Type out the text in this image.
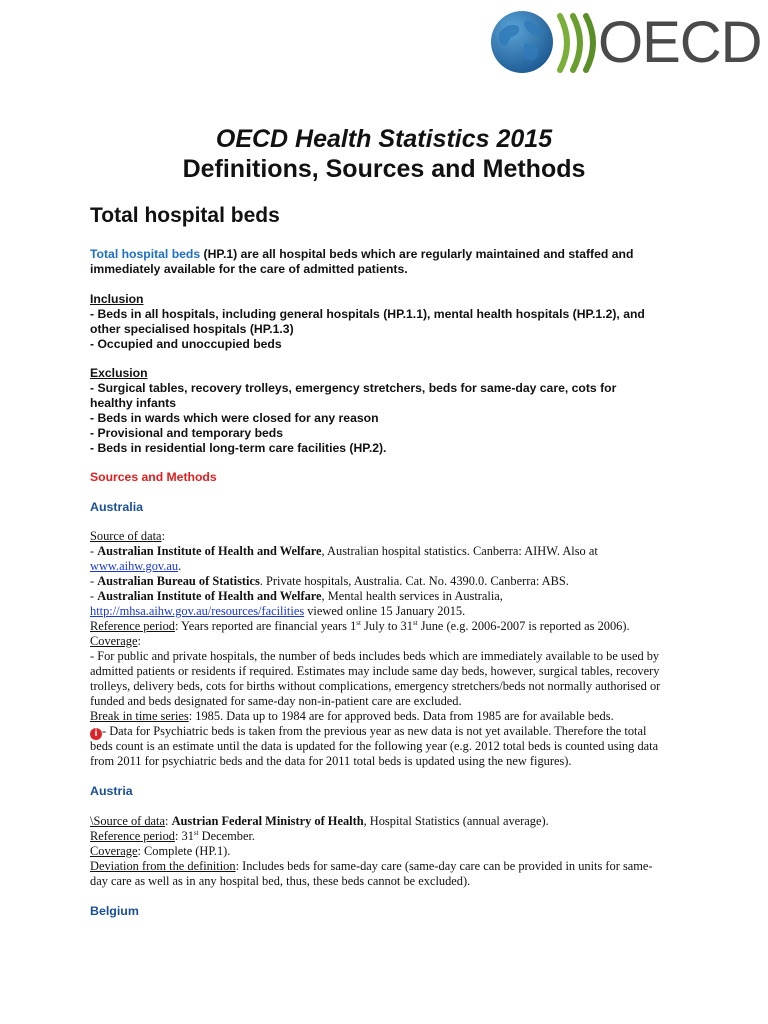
OECD
OECD Health Statistics 2015
Definitions, Sources and Methods
Total hospital beds
Total hospital beds (HP.1) are all hospital beds which are regularly maintained and staffed and
immediately available for the care of admitted patients.
Inclusion
- Beds in all hospitals, including general hospitals (HP.1.1), mental health hospitals (HP.1.2), and
other specialised hospitals (HP.1.3)
- Occupied and unoccupied beds
Exclusion
- Surgical tables, recovery trolleys, emergency stretchers, beds for same-day care, cots for
healthy infants
- Beds in wards which were closed for any reason
- Provisional and temporary beds
- Beds in residential long-term care facilities (HP.2).
Sources and Methods
Australia
Source of data:
- Australian Institute of Health and Welfare, Australian hospital statistics. Canberra: AIHW. Also at
www.aihw.gov.au.
- Australian Bureau of Statistics. Private hospitals, Australia. Cat. No. 4390.0. Canberra: ABS.
- Australian Institute of Health and Welfare, Mental health services in Australia,
http://mhsa.aihw.gov.au/resources/facilities viewed online 15 January 2015.
Reference period: Years reported are financial years 1st July to 31st June (e.g. 2006-2007 is reported as 2006).
Coverage:
- For public and private hospitals, the number of beds includes beds which are immediately available to be used by
admitted patients or residents if required. Estimates may include same day beds, however, surgical tables, recovery
trolleys, delivery beds, cots for births without complications, emergency stretchers/beds not normally authorised or
funded and beds designated for same-day non-in-patient care are excluded.
Break in time series: 1985. Data up to 1984 are for approved beds. Data from 1985 are for available beds.
i - Data for Psychiatric beds is taken from the previous year as new data is not yet available. Therefore the total
beds count is an estimate until the data is updated for the following year (e.g. 2012 total beds is counted using data
from 2011 for psychiatric beds and the data for 2011 total beds is updated using the new figures).
Austria
\Source of data: Austrian Federal Ministry of Health, Hospital Statistics (annual average).
Reference period: 31st December.
Coverage: Complete (HP.1).
Deviation from the definition: Includes beds for same-day care (same-day care can be provided in units for same-
day care as well as in any hospital bed, thus, these beds cannot be excluded).
Belgium
